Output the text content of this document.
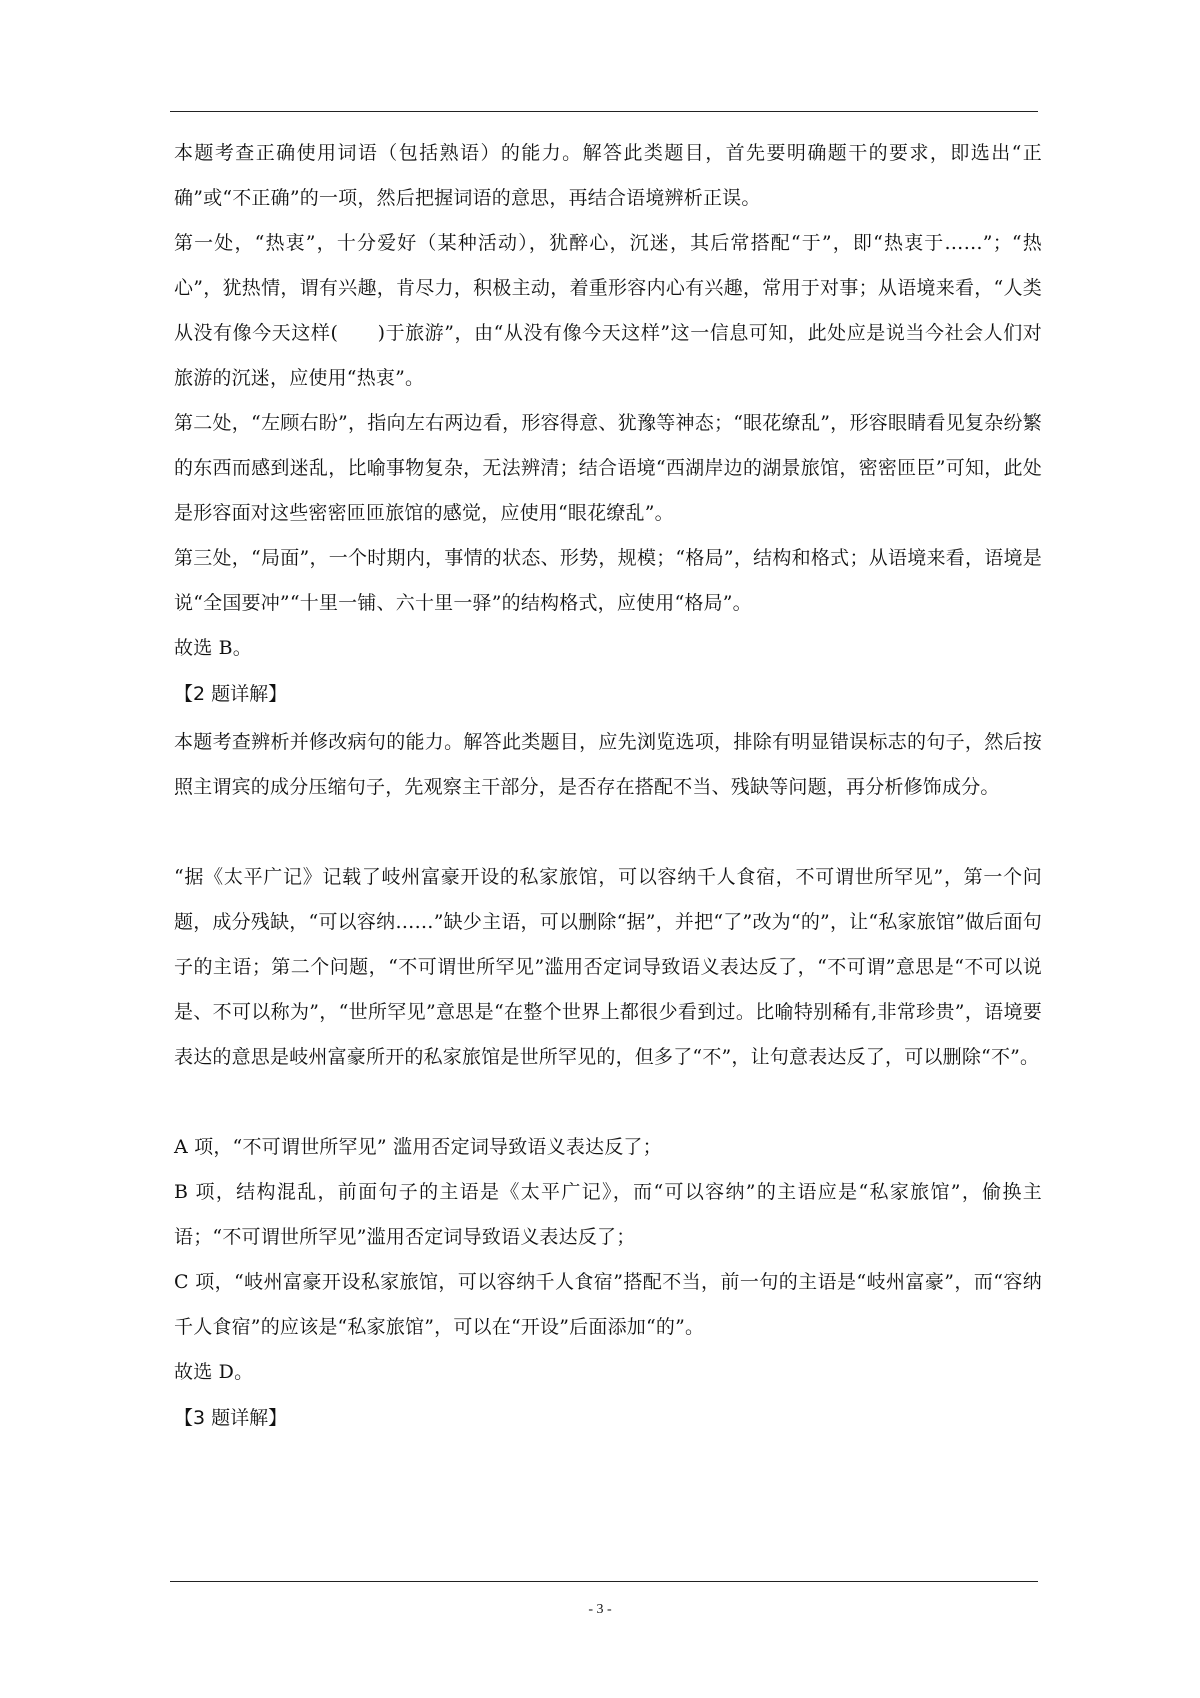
本题考查正确使用词语（包括熟语）的能力。解答此类题目，首先要明确题干的要求，即选出“正确”或“不正确”的一项，然后把握词语的意思，再结合语境辨析正误。
第一处，“热衷”，十分爱好（某种活动），犹醉心，沉迷，其后常搭配“于”，即“热衷于……”；“热心”，犹热情，谓有兴趣，肯尽力，积极主动，着重形容内心有兴趣，常用于对事；从语境来看，“人类从没有像今天这样(　　)于旅游”，由“从没有像今天这样”这一信息可知，此处应是说当今社会人们对旅游的沉迷，应使用“热衷”。
第二处，“左顾右盼”，指向左右两边看，形容得意、犹豫等神态；“眼花缭乱”，形容眼睛看见复杂纷繁的东西而感到迷乱，比喻事物复杂，无法辨清；结合语境“西湖岸边的湖景旅馆，密密匝臣”可知，此处是形容面对这些密密匝匝旅馆的感觉，应使用“眼花缭乱”。
第三处，“局面”，一个时期内，事情的状态、形势，规模；“格局”，结构和格式；从语境来看，语境是说“全国要冲”“十里一铺、六十里一驿”的结构格式，应使用“格局”。
故选 B。
【2 题详解】
本题考查辨析并修改病句的能力。解答此类题目，应先浏览选项，排除有明显错误标志的句子，然后按照主谓宾的成分压缩句子，先观察主干部分，是否存在搭配不当、残缺等问题，再分析修饰成分。
“据《太平广记》记载了岐州富豪开设的私家旅馆，可以容纳千人食宿，不可谓世所罕见”，第一个问题，成分残缺，“可以容纳……”缺少主语，可以删除“据”，并把“了”改为“的”，让“私家旅馆”做后面句子的主语；第二个问题，“不可谓世所罕见”滥用否定词导致语义表达反了，“不可谓”意思是“不可以说是、不可以称为”，“世所罕见”意思是“在整个世界上都很少看到过。比喻特别稀有,非常珍贵”，语境要表达的意思是岐州富豪所开的私家旅馆是世所罕见的，但多了“不”，让句意表达反了，可以删除“不”。
A 项，“不可谓世所罕见” 滥用否定词导致语义表达反了；
B 项，结构混乱，前面句子的主语是《太平广记》，而“可以容纳”的主语应是“私家旅馆”，偷换主语；“不可谓世所罕见”滥用否定词导致语义表达反了；
C 项，“岐州富豪开设私家旅馆，可以容纳千人食宿”搭配不当，前一句的主语是“岐州富豪”，而“容纳千人食宿”的应该是“私家旅馆”，可以在“开设”后面添加“的”。
故选 D。
【3 题详解】
- 3 -
